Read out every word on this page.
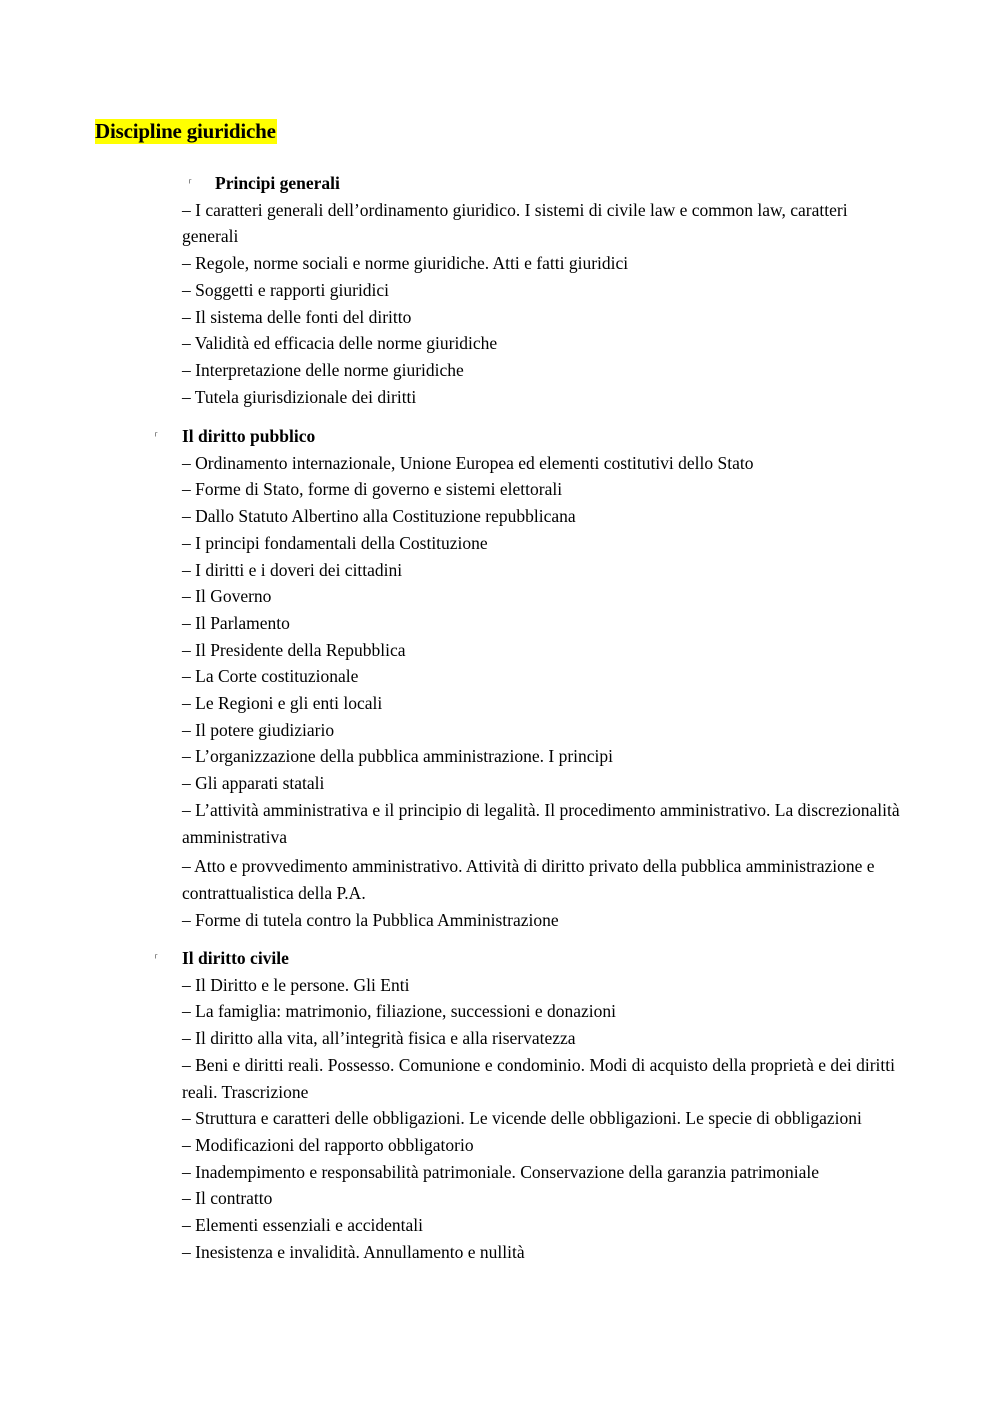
Discipline giuridiche
⸀ Principi generali

– I caratteri generali dell’ordinamento giuridico. I sistemi di civile law e common law, caratteri generali

– Regole, norme sociali e norme giuridiche. Atti e fatti giuridici

– Soggetti e rapporti giuridici

– Il sistema delle fonti del diritto

– Validità ed efficacia delle norme giuridiche

– Interpretazione delle norme giuridiche

– Tutela giurisdizionale dei diritti

⸀ Il diritto pubblico

– Ordinamento internazionale, Unione Europea ed elementi costitutivi dello Stato

– Forme di Stato, forme di governo e sistemi elettorali

– Dallo Statuto Albertino alla Costituzione repubblicana

– I principi fondamentali della Costituzione

– I diritti e i doveri dei cittadini

– Il Governo

– Il Parlamento

– Il Presidente della Repubblica

– La Corte costituzionale

– Le Regioni e gli enti locali

– Il potere giudiziario

– L’organizzazione della pubblica amministrazione. I principi

– Gli apparati statali

– L’attività amministrativa e il principio di legalità. Il procedimento amministrativo. La discrezionalità amministrativa

– Atto e provvedimento amministrativo. Attività di diritto privato della pubblica amministrazione e contrattualistica della P.A.

– Forme di tutela contro la Pubblica Amministrazione

⸀ Il diritto civile

– Il Diritto e le persone. Gli Enti

– La famiglia: matrimonio, filiazione, successioni e donazioni

– Il diritto alla vita, all’integrità fisica e alla riservatezza

– Beni e diritti reali. Possesso. Comunione e condominio. Modi di acquisto della proprietà e dei diritti reali. Trascrizione

– Struttura e caratteri delle obbligazioni. Le vicende delle obbligazioni. Le specie di obbligazioni

– Modificazioni del rapporto obbligatorio

– Inadempimento e responsabilità patrimoniale. Conservazione della garanzia patrimoniale

– Il contratto

– Elementi essenziali e accidentali

– Inesistenza e invalidità. Annullamento e nullità
